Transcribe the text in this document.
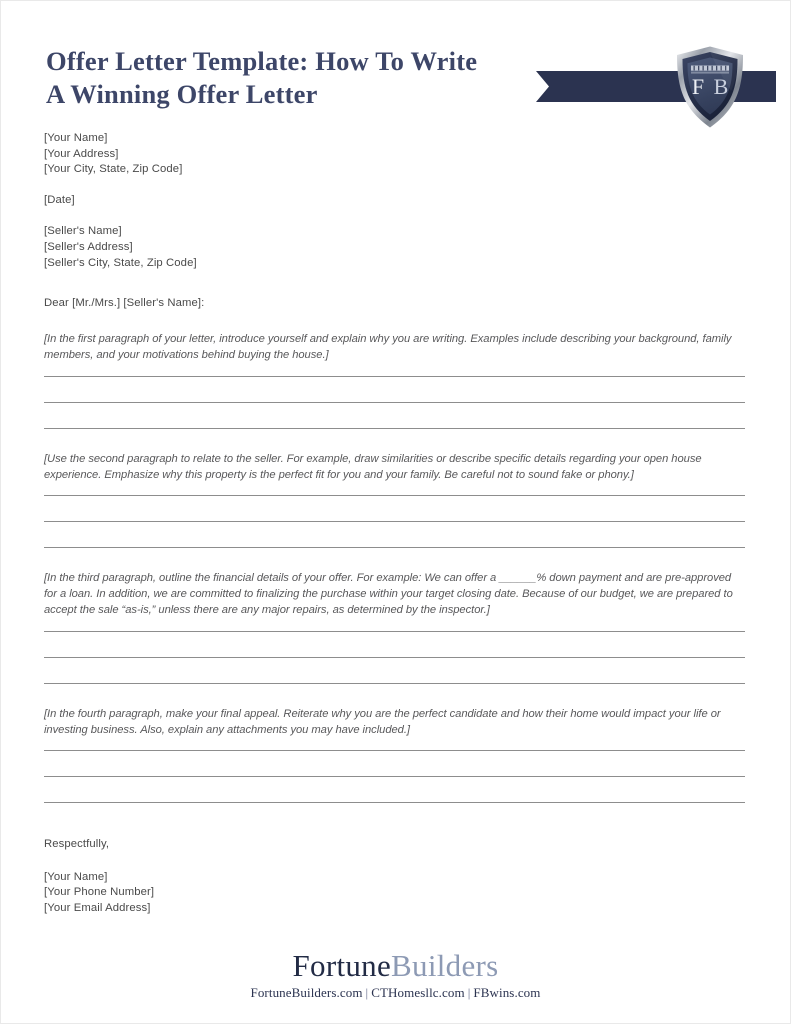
Offer Letter Template: How To Write
A Winning Offer Letter	F B
[Your Name]
[Your Address]
[Your City, State, Zip Code]
[Date]
[Seller's Name]
[Seller's Address]
[Seller's City, State, Zip Code]
Dear [Mr./Mrs.] [Seller's Name]:
[In the first paragraph of your letter, introduce yourself and explain why you are writing. Examples include describing your background, family members, and your motivations behind buying the house.]
[Use the second paragraph to relate to the seller. For example, draw similarities or describe specific details regarding your open house experience. Emphasize why this property is the perfect fit for you and your family. Be careful not to sound fake or phony.]
[In the third paragraph, outline the financial details of your offer. For example: We can offer a ______% down payment and are pre-approved for a loan. In addition, we are committed to finalizing the purchase within your target closing date. Because of our budget, we are prepared to accept the sale “as-is,” unless there are any major repairs, as determined by the inspector.]
[In the fourth paragraph, make your final appeal. Reiterate why you are the perfect candidate and how their home would impact your life or investing business. Also, explain any attachments you may have included.]
Respectfully,
[Your Name]
[Your Phone Number]
[Your Email Address]
FortuneBuilders
FortuneBuilders.com | CTHomesllc.com | FBwins.com
